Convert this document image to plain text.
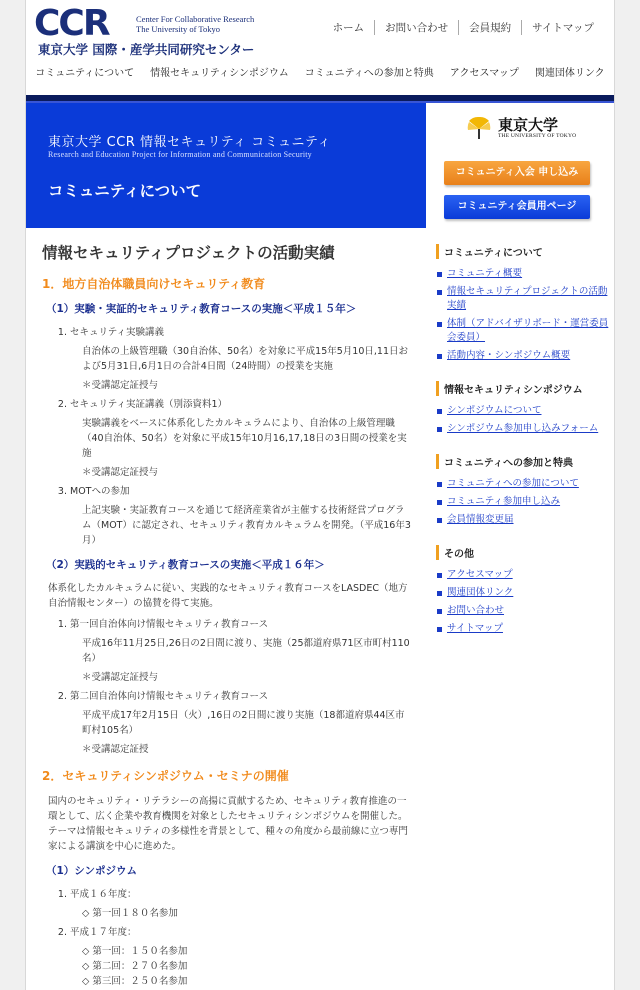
CCR	Center For Collaborative Research
The University of Tokyo
東京大学 国際・産学共同研究センター
ホーム	お問い合わせ	会員規約	サイトマップ
コミュニティについて	情報セキュリティシンポジウム	コミュニティへの参加と特典	アクセスマップ	関連団体リンク
東京大学 CCR 情報セキュリティ コミュニティ
Research and Education Project for Information and Communication Security
コミュニティについて
東京大学
THE UNIVERSITY OF TOKYO
コミュニティ入会 申し込み
コミュニティ会員用ページ
情報セキュリティプロジェクトの活動実績
1．地方自治体職員向けセキュリティ教育
（1）実験・実証的セキュリティ教育コースの実施＜平成１５年＞
1. セキュリティ実験講義
自治体の上級管理職（30自治体、50名）を対象に平成15年5月10日,11日および5月31日,6月1日の合計4日間（24時間）の授業を実施
＊受講認定証授与
2. セキュリティ実証講義（別添資料1）
実験講義をベースに体系化したカルキュラムにより、自治体の上級管理職（40自治体、50名）を対象に平成15年10月16,17,18日の3日間の授業を実施
＊受講認定証授与
3. MOTへの参加
上記実験・実証教育コースを通じて経済産業省が主催する技術経営プログラム（MOT）に認定され、セキュリティ教育カルキュラムを開発。（平成16年3月）
（2）実践的セキュリティ教育コースの実施＜平成１６年＞

体系化したカルキュラムに従い、実践的なセキュリティ教育コースをLASDEC（地方自治情報センター）の協賛を得て実施。

1. 第一回自治体向け情報セキュリティ教育コース
平成16年11月25日,26日の2日間に渡り、実施（25都道府県71区市町村110名）
＊受講認定証授与
2. 第二回自治体向け情報セキュリティ教育コース
平成平成17年2月15日（火）,16日の2日間に渡り実施（18都道府県44区市町村105名）
＊受講認定証授
2．セキュリティシンポジウム・セミナの開催

国内のセキュリティ・リテラシーの高揚に貢献するため、セキュリティ教育推進の一環として、広く企業や教育機関を対象としたセキュリティシンポジウムを開催した。テーマは情報セキュリティの多様性を背景として、種々の角度から最前線に立つ専門家による講演を中心に進めた。

（1）シンポジウム
1. 平成１６年度：
◇ 第一回１８０名参加
2. 平成１７年度：
◇ 第一回：１５０名参加
◇ 第二回：２７０名参加
◇ 第三回：２５０名参加
コミュニティについて
コミュニティ概要
情報セキュリティプロジェクトの活動実績
体制（アドバイザリボード・運営委員会委員）
活動内容・シンポジウム概要
情報セキュリティシンポジウム
シンポジウムについて
シンポジウム参加申し込みフォーム
コミュニティへの参加と特典
コミュニティへの参加について
コミュニティ参加申し込み
会員情報変更届
その他
アクセスマップ
関連団体リンク
お問い合わせ
サイトマップ
